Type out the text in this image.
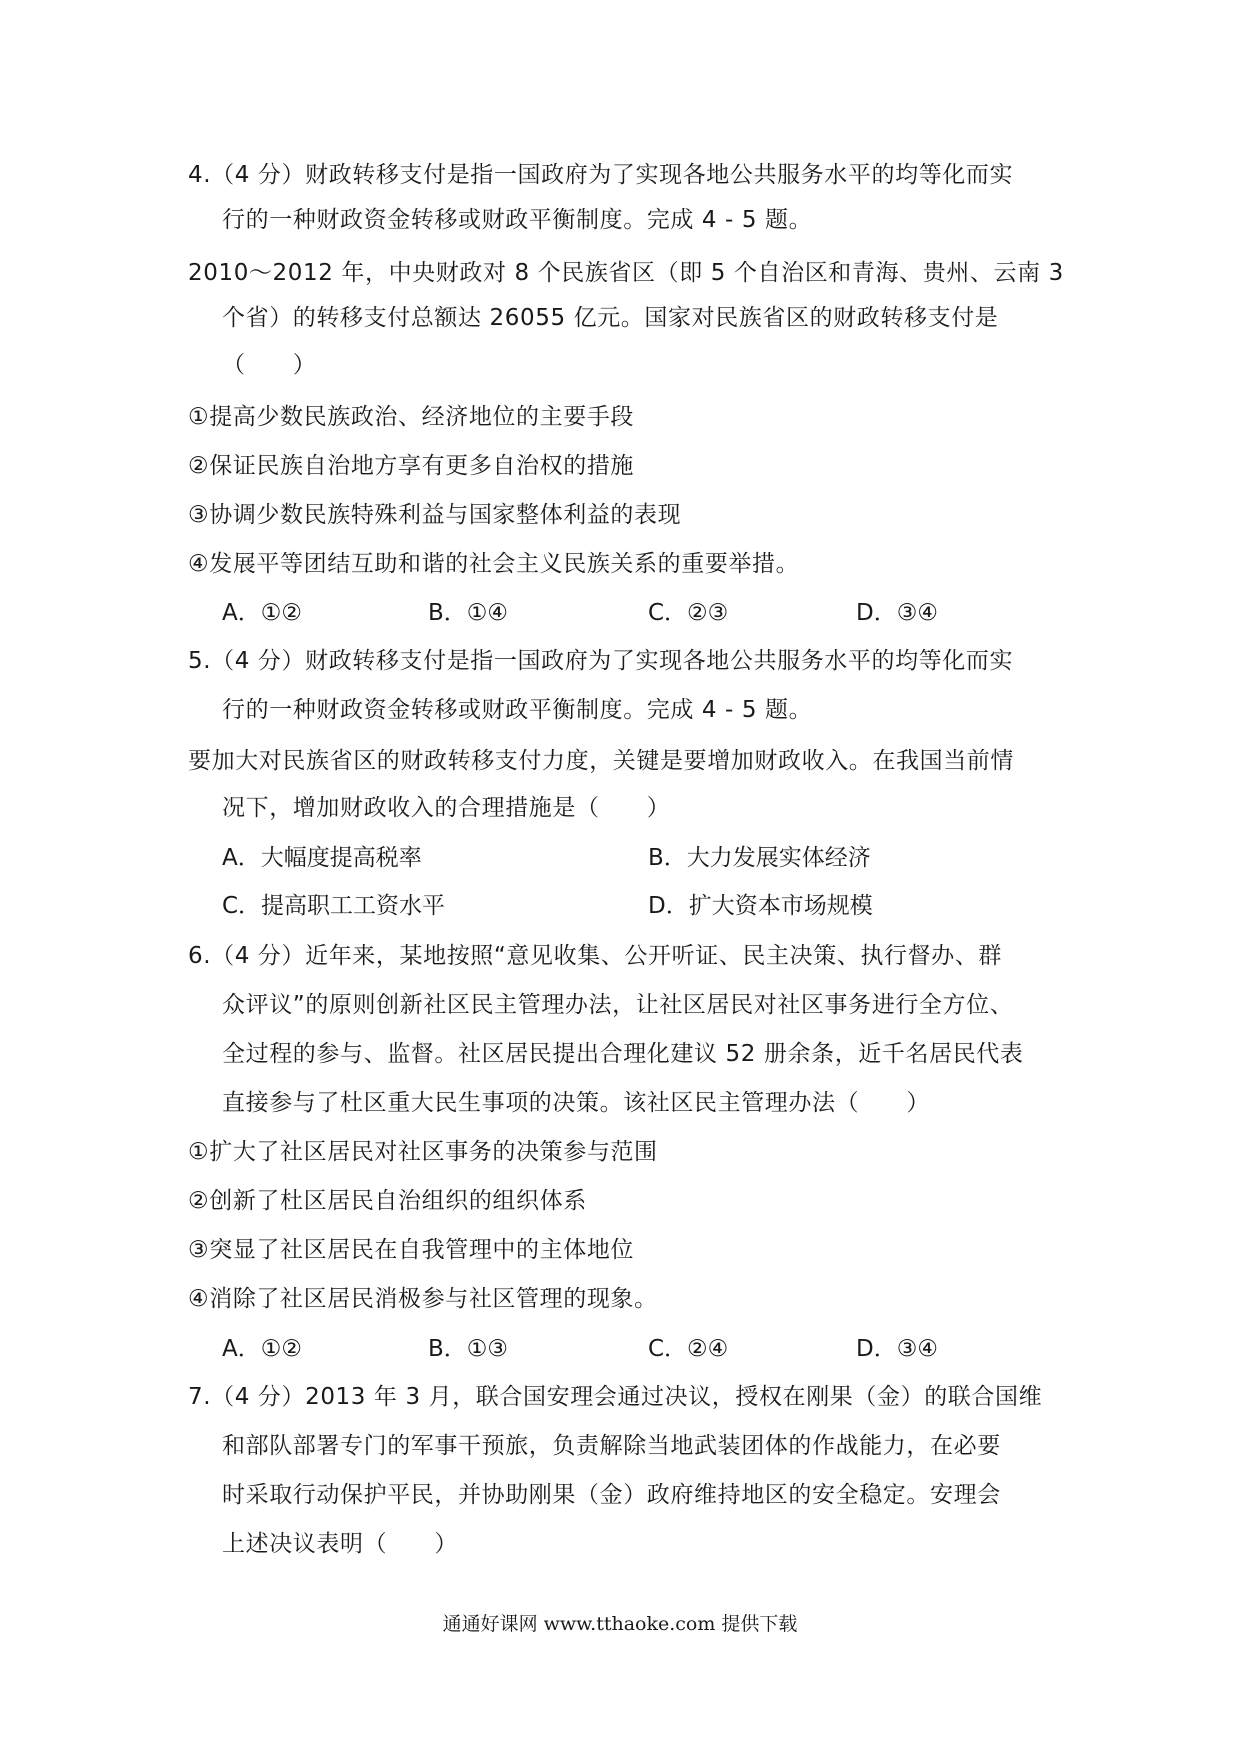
4.（4 分）财政转移支付是指一国政府为了实现各地公共服务水平的均等化而实
行的一种财政资金转移或财政平衡制度。完成 4 - 5 题。
2010～2012 年，中央财政对 8 个民族省区（即 5 个自治区和青海、贵州、云南 3
个省）的转移支付总额达 26055 亿元。国家对民族省区的财政转移支付是
（　　）
①提高少数民族政治、经济地位的主要手段
②保证民族自治地方享有更多自治权的措施
③协调少数民族特殊利益与国家整体利益的表现
④发展平等团结互助和谐的社会主义民族关系的重要举措。
A．①②	B．①④	C．②③	D．③④
5.（4 分）财政转移支付是指一国政府为了实现各地公共服务水平的均等化而实
行的一种财政资金转移或财政平衡制度。完成 4 - 5 题。
要加大对民族省区的财政转移支付力度，关键是要增加财政收入。在我国当前情
况下，增加财政收入的合理措施是（　　）
A．大幅度提高税率	B．大力发展实体经济
C．提高职工工资水平	D．扩大资本市场规模
6.（4 分）近年来，某地按照“意见收集、公开听证、民主决策、执行督办、群
众评议”的原则创新社区民主管理办法，让社区居民对社区事务进行全方位、
全过程的参与、监督。社区居民提出合理化建议 52 册余条，近千名居民代表
直接参与了杜区重大民生事项的决策。该社区民主管理办法（　　）
①扩大了社区居民对社区事务的决策参与范围
②创新了杜区居民自治组织的组织体系
③突显了社区居民在自我管理中的主体地位
④消除了社区居民消极参与社区管理的现象。
A．①②	B．①③	C．②④	D．③④
7.（4 分）2013 年 3 月，联合国安理会通过决议，授权在刚果（金）的联合国维
和部队部署专门的军事干预旅，负责解除当地武装团体的作战能力，在必要
时采取行动保护平民，并协助刚果（金）政府维持地区的安全稳定。安理会
上述决议表明（　　）
通通好课网 www.tthaoke.com 提供下载
